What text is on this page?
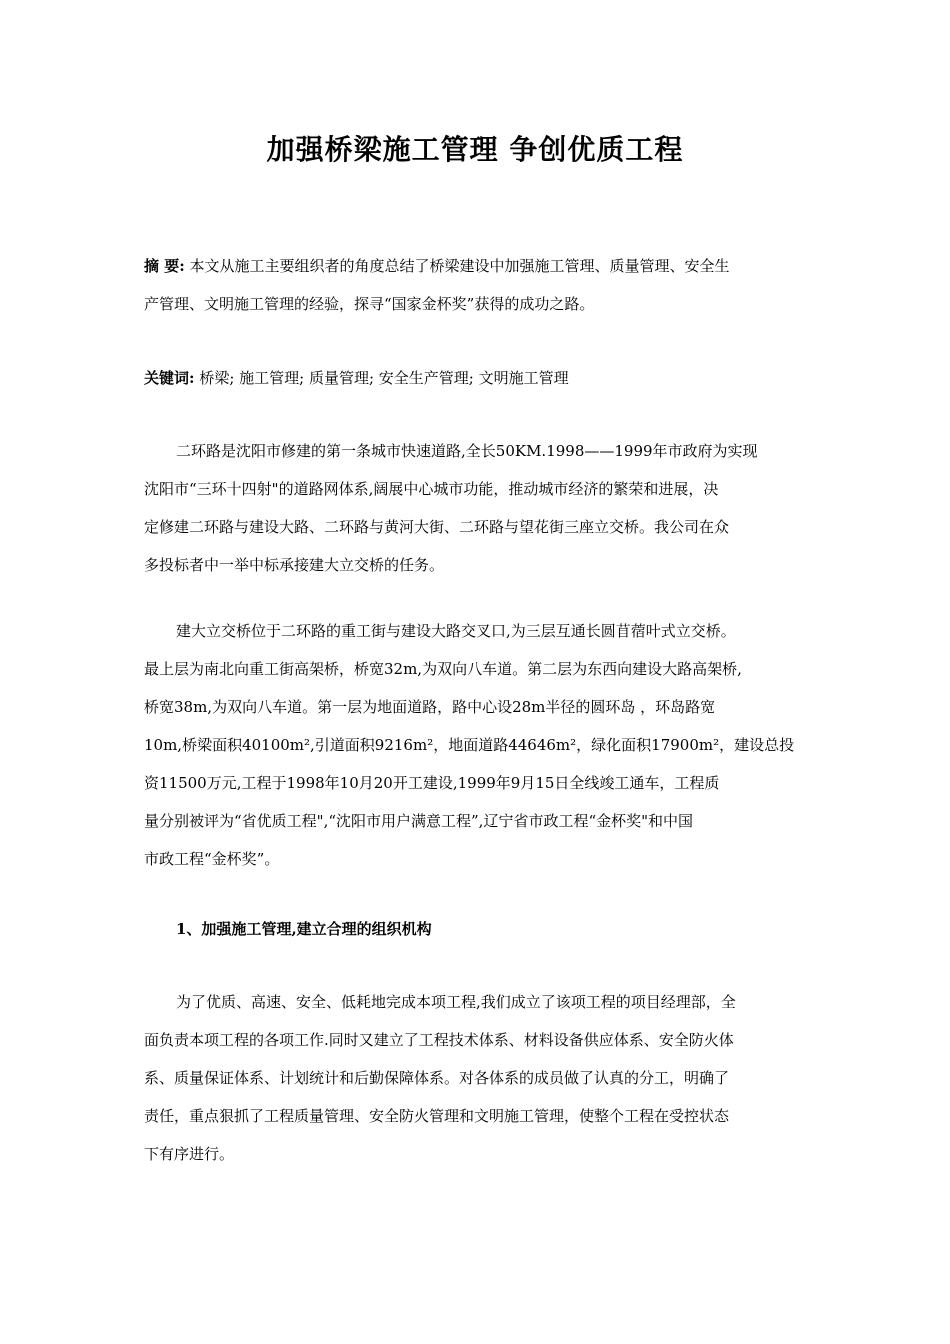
加强桥梁施工管理 争创优质工程
摘 要: 本文从施工主要组织者的角度总结了桥梁建设中加强施工管理、质量管理、安全生
产管理、文明施工管理的经验，探寻“国家金杯奖”获得的成功之路。
关键词: 桥梁; 施工管理; 质量管理; 安全生产管理; 文明施工管理
二环路是沈阳市修建的第一条城市快速道路,全长50KM.1998——1999年市政府为实现
沈阳市“三环十四射"的道路网体系,阔展中心城市功能，推动城市经济的繁荣和进展，决
定修建二环路与建设大路、二环路与黄河大街、二环路与望花街三座立交桥。我公司在众
多投标者中一举中标承接建大立交桥的任务。
建大立交桥位于二环路的重工街与建设大路交叉口,为三层互通长圆苜蓿叶式立交桥。
最上层为南北向重工街高架桥，桥宽32m,为双向八车道。第二层为东西向建设大路高架桥,
桥宽38m,为双向八车道。第一层为地面道路，路中心设28m半径的圆环岛 ，环岛路宽
10m,桥梁面积40100m²,引道面积9216m²，地面道路44646m²，绿化面积17900m²，建设总投
资11500万元,工程于1998年10月20开工建设,1999年9月15日全线竣工通车，工程质
量分别被评为“省优质工程",“沈阳市用户满意工程”,辽宁省市政工程“金杯奖"和中国
市政工程“金杯奖”。
1、加强施工管理,建立合理的组织机构
为了优质、高速、安全、低耗地完成本项工程,我们成立了该项工程的项目经理部，全
面负责本项工程的各项工作.同时又建立了工程技术体系、材料设备供应体系、安全防火体
系、质量保证体系、计划统计和后勤保障体系。对各体系的成员做了认真的分工，明确了
责任，重点狠抓了工程质量管理、安全防火管理和文明施工管理，使整个工程在受控状态
下有序进行。
